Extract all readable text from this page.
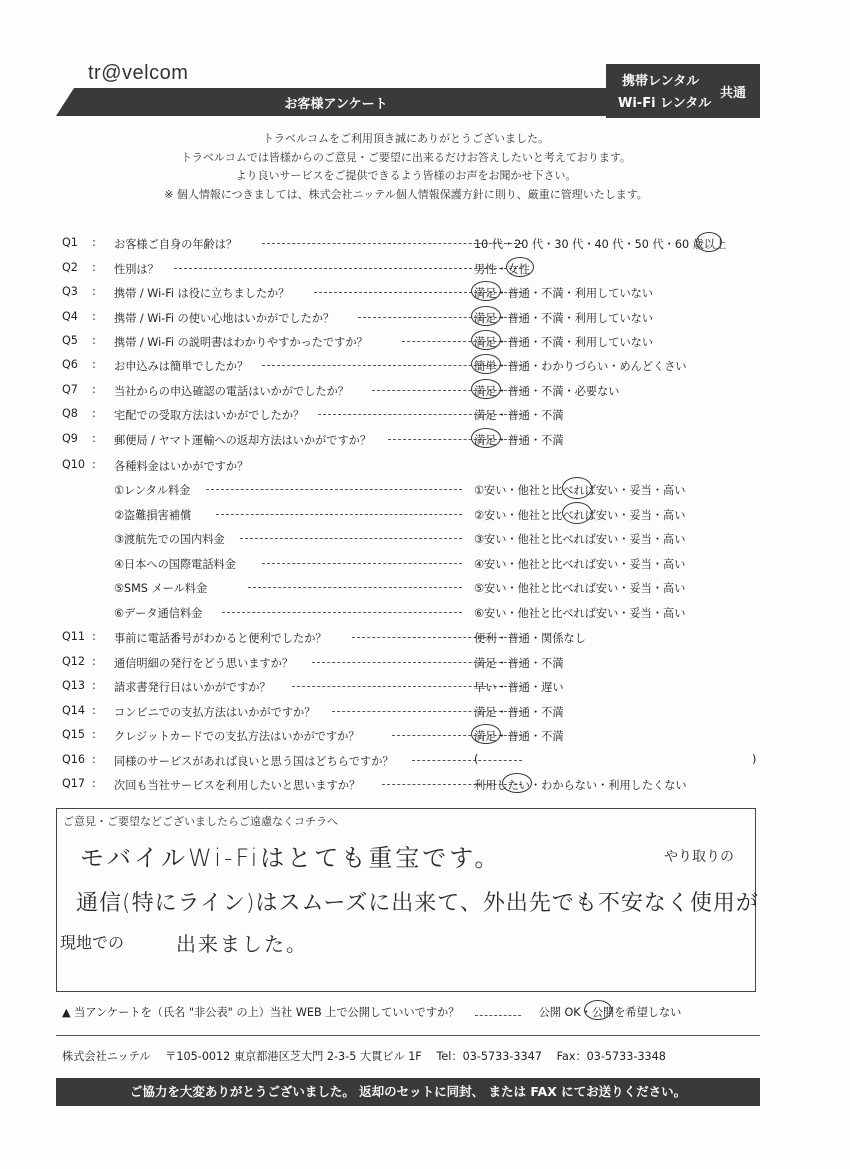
tr@velcom
お客様アンケート
携帯レンタル
Wi-Fi レンタル
共通
トラベルコムをご利用頂き誠にありがとうございました。
トラベルコムでは皆様からのご意見・ご要望に出来るだけお答えしたいと考えております。
より良いサービスをご提供できるよう皆様のお声をお聞かせ下さい。
※ 個人情報につきましては、株式会社ニッテル個人情報保護方針に則り、厳重に管理いたします。
Q1	: お客様ご自身の年齢は？	10 代・20 代・30 代・40 代・50 代・60 歳以上
Q2	: 性別は？	男性・女性
Q3	: 携帯 / Wi-Fi は役に立ちましたか？	満足・普通・不満・利用していない
Q4	: 携帯 / Wi-Fi の使い心地はいかがでしたか？	満足・普通・不満・利用していない
Q5	: 携帯 / Wi-Fi の説明書はわかりやすかったですか？	満足・普通・不満・利用していない
Q6	: お申込みは簡単でしたか？	簡単・普通・わかりづらい・めんどくさい
Q7	: 当社からの申込確認の電話はいかがでしたか？	満足・普通・不満・必要ない
Q8	: 宅配での受取方法はいかがでしたか？	満足・普通・不満
Q9	: 郵便局 / ヤマト運輸への返却方法はいかがですか？	満足・普通・不満
Q10 : 各種料金はいかがですか？
①レンタル料金	①安い・他社と比べれば安い・妥当・高い
②盗難損害補償	②安い・他社と比べれば安い・妥当・高い
③渡航先での国内料金	③安い・他社と比べれば安い・妥当・高い
④日本への国際電話料金	④安い・他社と比べれば安い・妥当・高い
⑤SMS メール料金	⑤安い・他社と比べれば安い・妥当・高い
⑥データ通信料金	⑥安い・他社と比べれば安い・妥当・高い
Q11 : 事前に電話番号がわかると便利でしたか？	便利・普通・関係なし
Q12 : 通信明細の発行をどう思いますか？	満足・普通・不満
Q13 : 請求書発行日はいかがですか？	早い・普通・遅い
Q14 : コンビニでの支払方法はいかがですか？	満足・普通・不満
Q15 : クレジットカードでの支払方法はいかがですか？	満足・普通・不満
Q16 : 同様のサービスがあれば良いと思う国はどちらですか？	(	)
Q17 : 次回も当社サービスを利用したいと思いますか？	利用したい・わからない・利用したくない
ご意見・ご要望などございましたらご遠慮なくコチラへ
モバイルWi-Fiはとても重宝です。	やり取りの
通信(特にライン)はスムーズに出来て、外出先でも不安なく使用が
現地での	出来ました。
▲ 当アンケートを（氏名 "非公表" の上）当社 WEB 上で公開していいですか？	公開 OK・公開を希望しない
株式会社ニッテル　 〒105-0012 東京都港区芝大門 2-3-5 大貫ビル 1F　 Tel：03-5733-3347　 Fax：03-5733-3348
ご協力を大変ありがとうございました。 返却のセットに同封、 または FAX にてお送りください。
